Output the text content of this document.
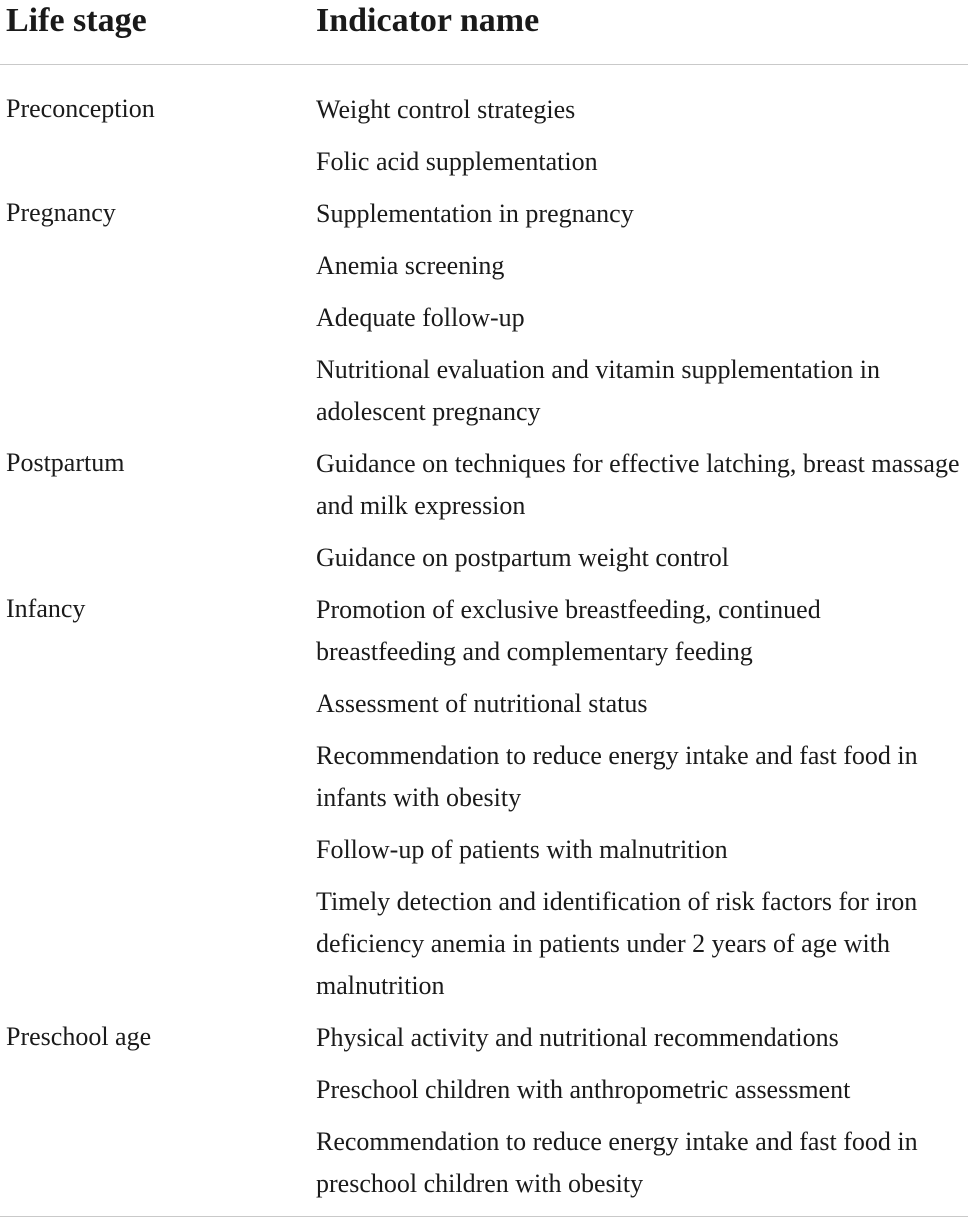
Life stage	Indicator name
Preconception	Weight control strategies
Folic acid supplementation
Pregnancy	Supplementation in pregnancy
Anemia screening
Adequate follow-up
Nutritional evaluation and vitamin supplementation in adolescent pregnancy
Postpartum	Guidance on techniques for effective latching, breast massage and milk expression
Guidance on postpartum weight control
Infancy	Promotion of exclusive breastfeeding, continued breastfeeding and complementary feeding
Assessment of nutritional status
Recommendation to reduce energy intake and fast food in infants with obesity
Follow-up of patients with malnutrition
Timely detection and identification of risk factors for iron deficiency anemia in patients under 2 years of age with malnutrition
Preschool age	Physical activity and nutritional recommendations
Preschool children with anthropometric assessment
Recommendation to reduce energy intake and fast food in preschool children with obesity
